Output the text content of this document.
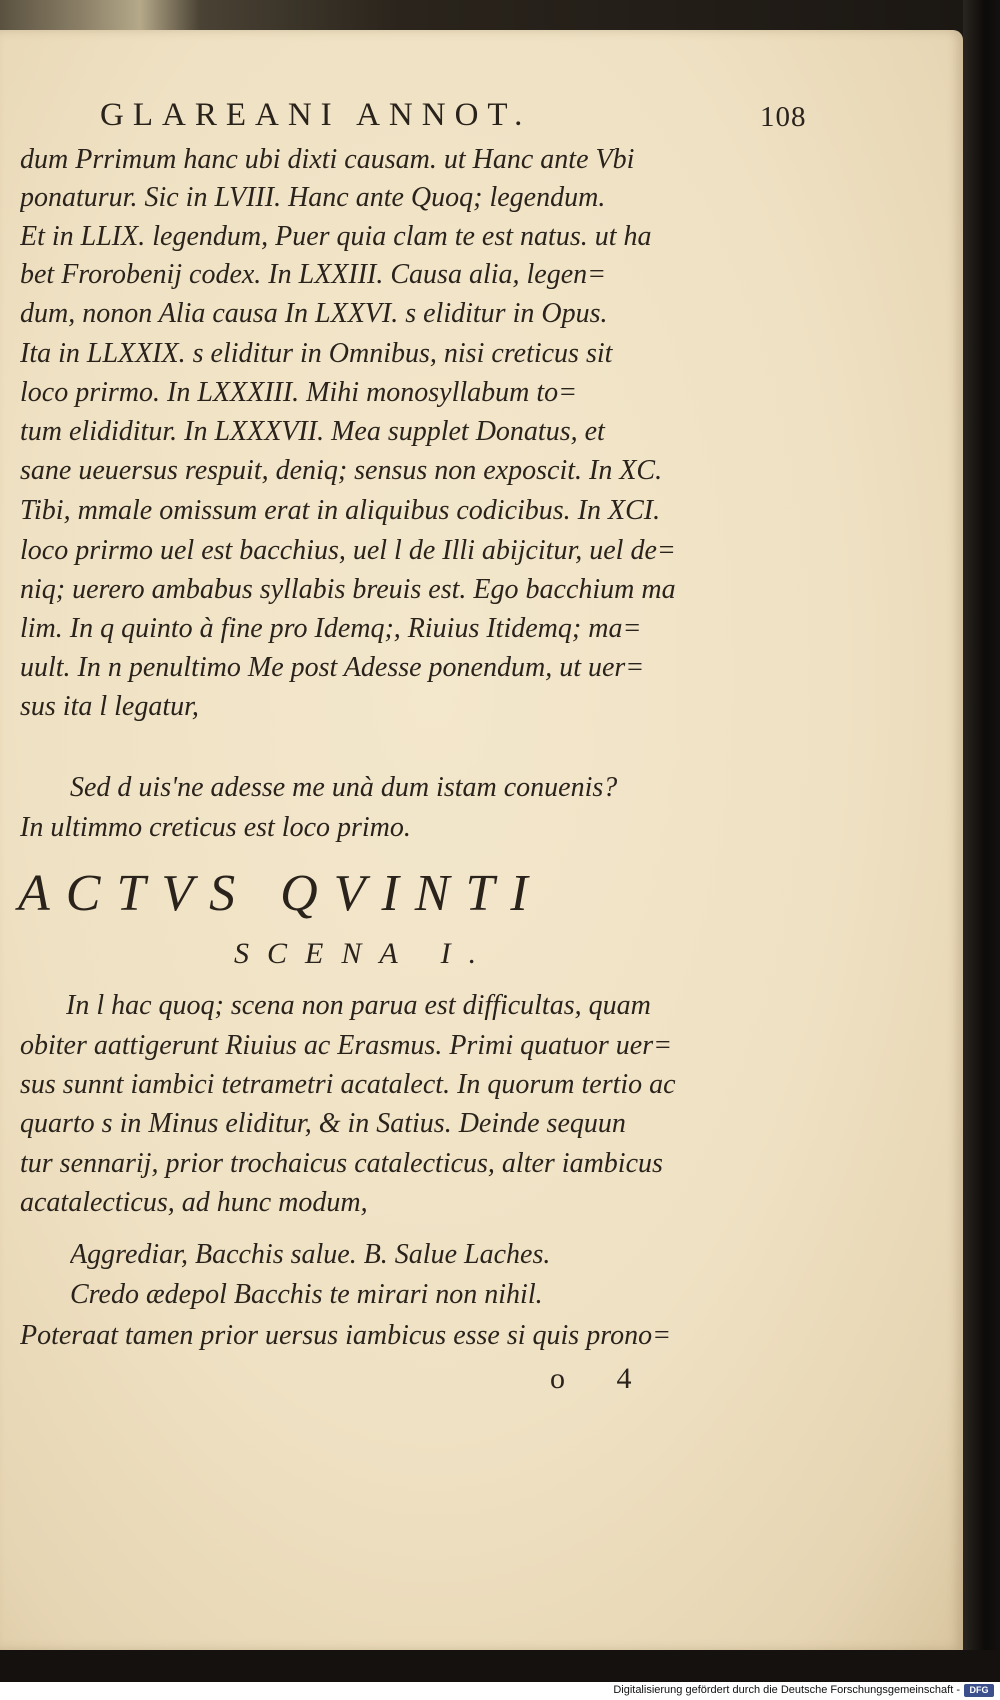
GLAREANI ANNOT.	108
dum Prrimum hanc ubi dixti causam. ut Hanc ante Vbi
ponaturur. Sic in LVIII. Hanc ante Quoq; legendum.
Et in LLIX. legendum, Puer quia clam te est natus. ut ha
bet Frorobenij codex. In LXXIII. Causa alia, legen=
dum, nonon Alia causa In LXXVI. s eliditur in Opus.
Ita in LLXXIX. s eliditur in Omnibus, nisi creticus sit
loco prirmo. In LXXXIII. Mihi monosyllabum to=
tum elididitur. In LXXXVII. Mea supplet Donatus, et
sane ueuersus respuit, deniq; sensus non exposcit. In XC.
Tibi, mmale omissum erat in aliquibus codicibus. In XCI.
loco prirmo uel est bacchius, uel l de Illi abijcitur, uel de=
niq; uerero ambabus syllabis breuis est. Ego bacchium ma
lim. In q quinto à fine pro Idemq;, Riuius Itidemq; ma=
uult. In n penultimo Me post Adesse ponendum, ut uer=
sus ita l legatur,
Sed d uis'ne adesse me unà dum istam conuenis?
In ultimmo creticus est loco primo.
ACTVS QVINTI
SCENA I.
In l hac quoq; scena non parua est difficultas, quam
obiter aattigerunt Riuius ac Erasmus. Primi quatuor uer=
sus sunnt iambici tetrametri acatalect. In quorum tertio ac
quarto s in Minus eliditur, & in Satius. Deinde sequun
tur sennarij, prior trochaicus catalecticus, alter iambicus
acatalecticus, ad hunc modum,
Aggrediar, Bacchis salue. B. Salue Laches.
Credo ædepol Bacchis te mirari non nihil.
Poteraat tamen prior uersus iambicus esse si quis prono=
o 4
Digitalisierung gefördert durch die Deutsche Forschungsgemeinschaft -	DFG
